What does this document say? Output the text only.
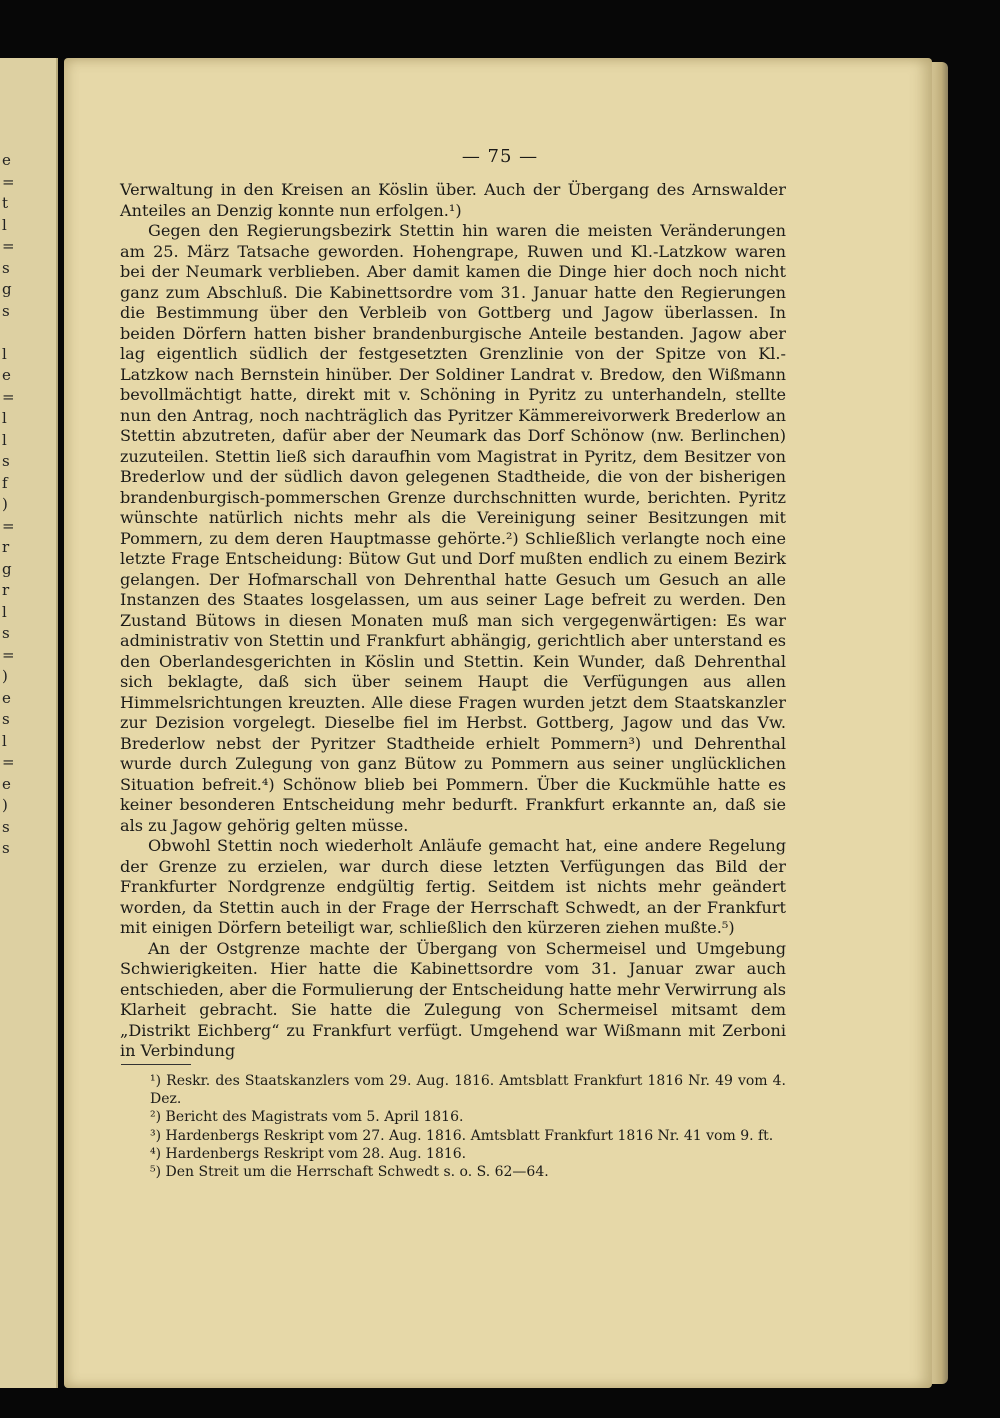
e
=
t
l
=
s
g
s
l
e
=
l
l
s
f
)
=
r
g
r
l
s
=
)
e
s
l
=
e
)
s
s
— 75 —

Verwaltung in den Kreisen an Köslin über. Auch der Übergang des Arnswalder Anteiles an Denzig konnte nun erfolgen.¹)

Gegen den Regierungsbezirk Stettin hin waren die meisten Veränderungen am 25. März Tatsache geworden. Hohengrape, Ruwen und Kl.-Latzkow waren bei der Neumark verblieben. Aber damit kamen die Dinge hier doch noch nicht ganz zum Abschluß. Die Kabinettsordre vom 31. Januar hatte den Regierungen die Bestimmung über den Verbleib von Gottberg und Jagow überlassen. In beiden Dörfern hatten bisher brandenburgische Anteile bestanden. Jagow aber lag eigentlich südlich der festgesetzten Grenzlinie von der Spitze von Kl.-Latzkow nach Bernstein hinüber. Der Soldiner Landrat v. Bredow, den Wißmann bevollmächtigt hatte, direkt mit v. Schöning in Pyritz zu unterhandeln, stellte nun den Antrag, noch nachträglich das Pyritzer Kämmereivorwerk Brederlow an Stettin abzutreten, dafür aber der Neumark das Dorf Schönow (nw. Berlinchen) zuzuteilen. Stettin ließ sich daraufhin vom Magistrat in Pyritz, dem Besitzer von Brederlow und der südlich davon gelegenen Stadtheide, die von der bisherigen brandenburgisch-pommerschen Grenze durchschnitten wurde, berichten. Pyritz wünschte natürlich nichts mehr als die Vereinigung seiner Besitzungen mit Pommern, zu dem deren Hauptmasse gehörte.²) Schließlich verlangte noch eine letzte Frage Entscheidung: Bütow Gut und Dorf mußten endlich zu einem Bezirk gelangen. Der Hofmarschall von Dehrenthal hatte Gesuch um Gesuch an alle Instanzen des Staates losgelassen, um aus seiner Lage befreit zu werden. Den Zustand Bütows in diesen Monaten muß man sich vergegenwärtigen: Es war administrativ von Stettin und Frankfurt abhängig, gerichtlich aber unterstand es den Oberlandesgerichten in Köslin und Stettin. Kein Wunder, daß Dehrenthal sich beklagte, daß sich über seinem Haupt die Verfügungen aus allen Himmelsrichtungen kreuzten. Alle diese Fragen wurden jetzt dem Staatskanzler zur Dezision vorgelegt. Dieselbe fiel im Herbst. Gottberg, Jagow und das Vw. Brederlow nebst der Pyritzer Stadtheide erhielt Pommern³) und Dehrenthal wurde durch Zulegung von ganz Bütow zu Pommern aus seiner unglücklichen Situation befreit.⁴) Schönow blieb bei Pommern. Über die Kuckmühle hatte es keiner besonderen Entscheidung mehr bedurft. Frankfurt erkannte an, daß sie als zu Jagow gehörig gelten müsse.

Obwohl Stettin noch wiederholt Anläufe gemacht hat, eine andere Regelung der Grenze zu erzielen, war durch diese letzten Verfügungen das Bild der Frankfurter Nordgrenze endgültig fertig. Seitdem ist nichts mehr geändert worden, da Stettin auch in der Frage der Herrschaft Schwedt, an der Frankfurt mit einigen Dörfern beteiligt war, schließlich den kürzeren ziehen mußte.⁵)

An der Ostgrenze machte der Übergang von Schermeisel und Umgebung Schwierigkeiten. Hier hatte die Kabinettsordre vom 31. Januar zwar auch entschieden, aber die Formulierung der Entscheidung hatte mehr Verwirrung als Klarheit gebracht. Sie hatte die Zulegung von Schermeisel mitsamt dem „Distrikt Eichberg“ zu Frankfurt verfügt. Umgehend war Wißmann mit Zerboni in Verbindung

¹) Reskr. des Staatskanzlers vom 29. Aug. 1816. Amtsblatt Frankfurt 1816 Nr. 49 vom 4. Dez.
²) Bericht des Magistrats vom 5. April 1816.
³) Hardenbergs Reskript vom 27. Aug. 1816. Amtsblatt Frankfurt 1816 Nr. 41 vom 9. ft.
⁴) Hardenbergs Reskript vom 28. Aug. 1816.
⁵) Den Streit um die Herrschaft Schwedt s. o. S. 62—64.
